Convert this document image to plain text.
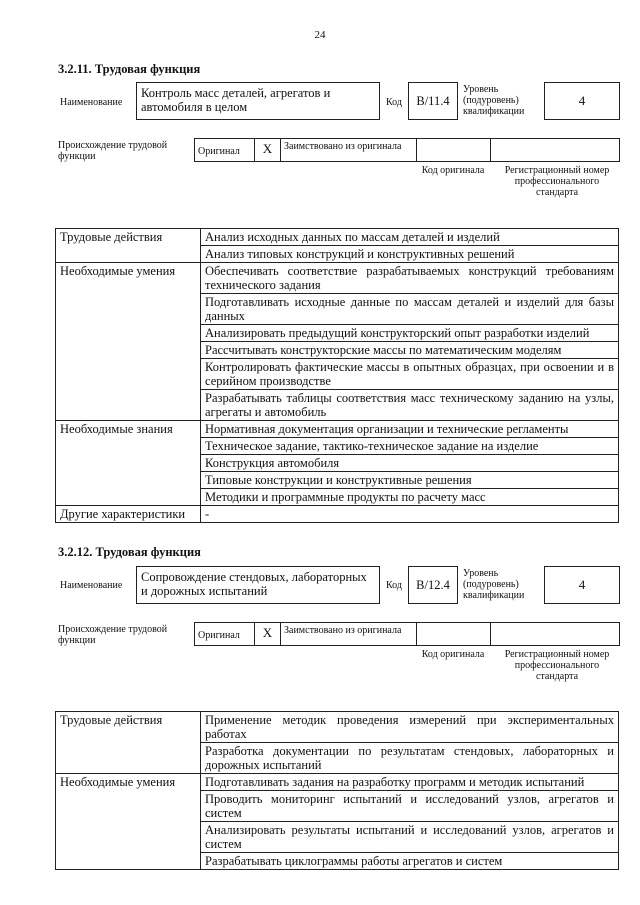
24
3.2.11. Трудовая функция
Наименование
Контроль масс деталей, агрегатов и автомобиля в целом	Код B/11.4
Уровень (подуровень) квалификации
4
Происхождение трудовой функции	Оригинал	X	Заимствовано из оригинала
Код оригинала	Регистрационный номер профессионального стандарта
Трудовые действия	Анализ исходных данных по массам деталей и изделий
	Анализ типовых конструкций и конструктивных решений
Необходимые умения	Обеспечивать соответствие разрабатываемых конструкций требованиям технического задания
	Подготавливать исходные данные по массам деталей и изделий для базы данных
	Анализировать предыдущий конструкторский опыт разработки изделий
	Рассчитывать конструкторские массы по математическим моделям
	Контролировать фактические массы в опытных образцах, при освоении и в серийном производстве
	Разрабатывать таблицы соответствия масс техническому заданию на узлы, агрегаты и автомобиль
Необходимые знания	Нормативная документация организации и технические регламенты
	Техническое задание, тактико-техническое задание на изделие
	Конструкция автомобиля
	Типовые конструкции и конструктивные решения
	Методики и программные продукты по расчету масс
Другие характеристики	-
3.2.12. Трудовая функция
Наименование
Сопровождение стендовых, лабораторных и дорожных испытаний	Код B/12.4
Уровень (подуровень) квалификации
4
Происхождение трудовой функции	Оригинал	X	Заимствовано из оригинала
Код оригинала	Регистрационный номер профессионального стандарта
Трудовые действия	Применение методик проведения измерений при экспериментальных работах
	Разработка документации по результатам стендовых, лабораторных и дорожных испытаний
Необходимые умения	Подготавливать задания на разработку программ и методик испытаний
	Проводить мониторинг испытаний и исследований узлов, агрегатов и систем
	Анализировать результаты испытаний и исследований узлов, агрегатов и систем
	Разрабатывать циклограммы работы агрегатов и систем
